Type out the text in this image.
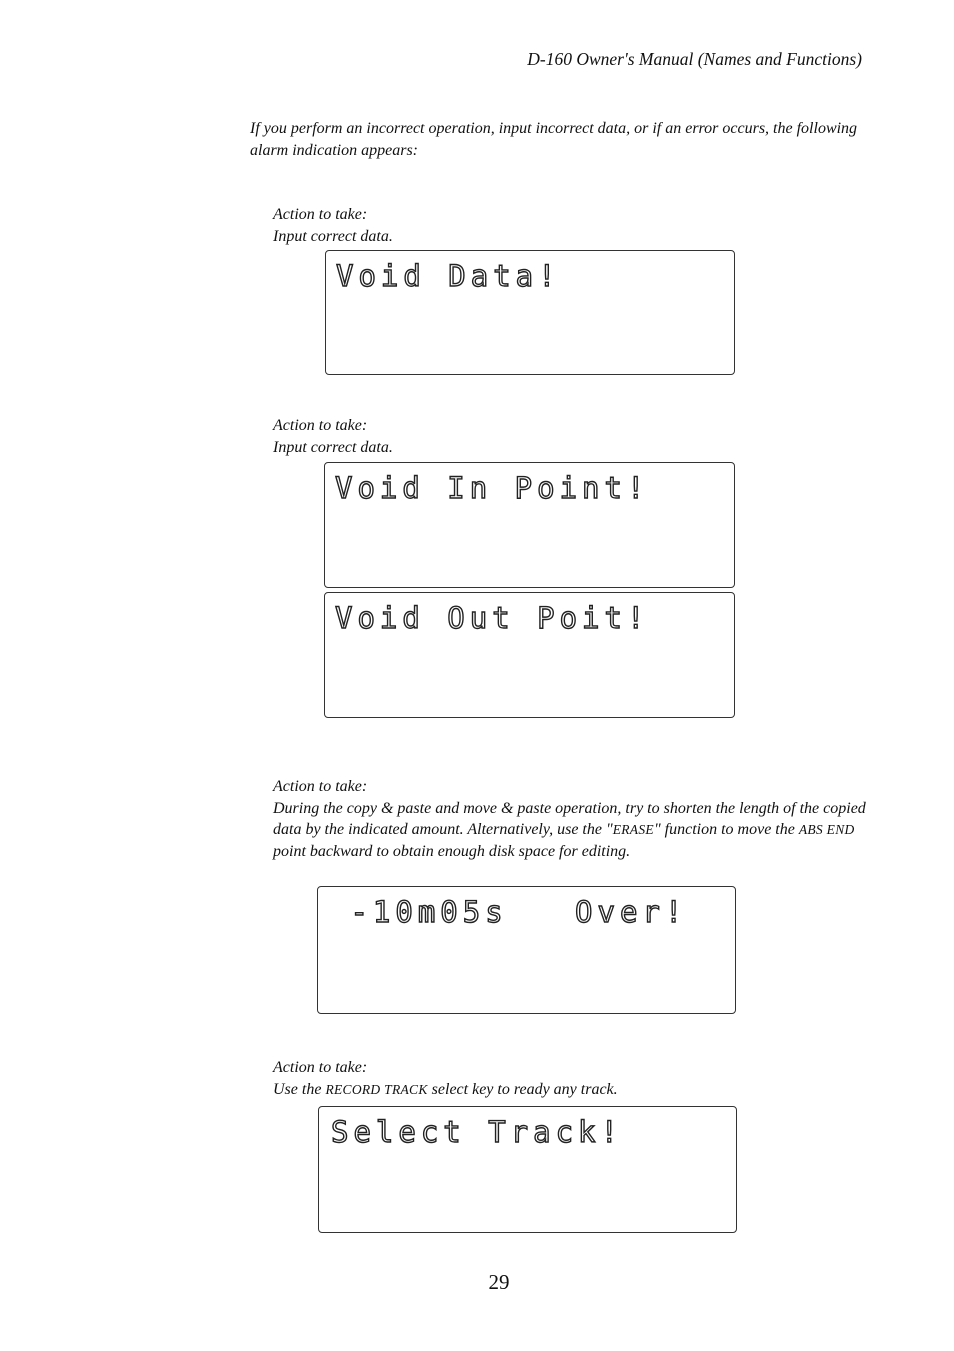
D-160 Owner's Manual (Names and Functions)
If you perform an incorrect operation, input incorrect data, or if an error occurs, the following alarm indication appears:
Action to take:
Input correct data.
Void Data!
Action to take:
Input correct data.
Void In Point!
Void Out Poit!
Action to take:
During the copy & paste and move & paste operation, try to shorten the length of the copied data by the indicated amount. Alternatively, use the "ERASE" function to move the ABS END point backward to obtain enough disk space for editing.
-10m05s   Over!
Action to take:
Use the RECORD TRACK select key to ready any track.
Select Track!
29
